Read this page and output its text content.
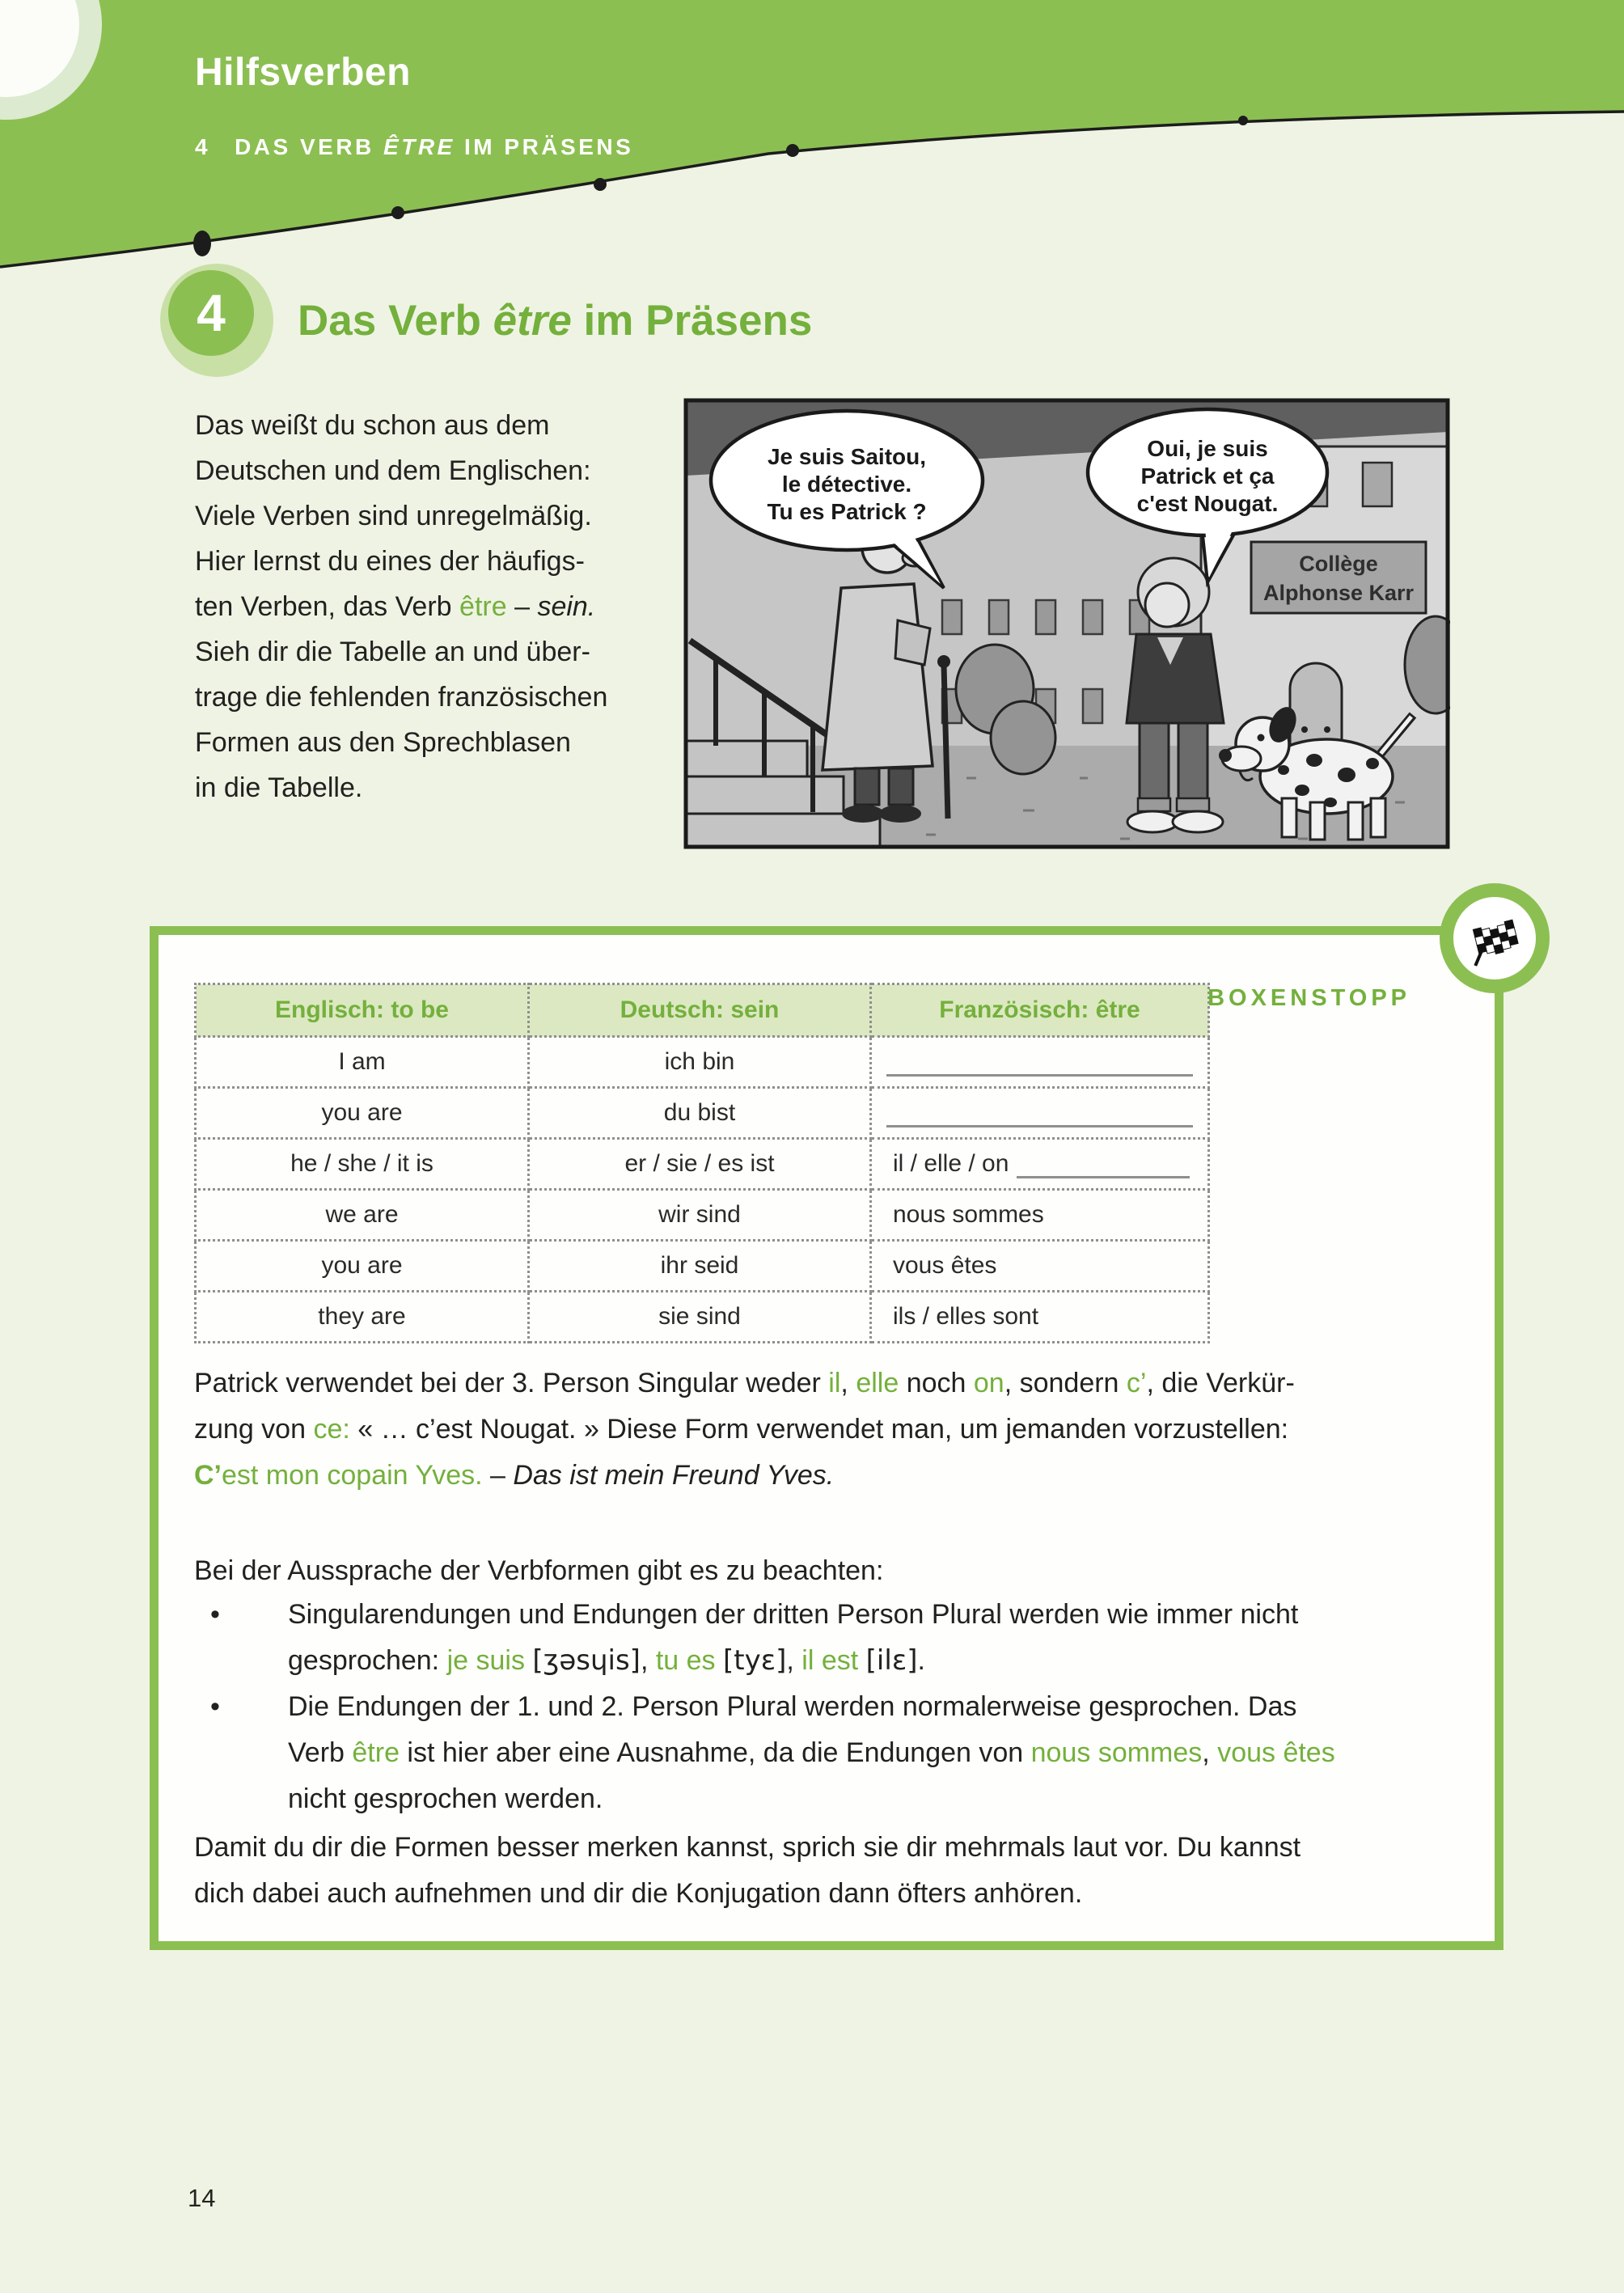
Hilfsverben
4 DAS VERB ÊTRE IM PRÄSENS
4	Das Verb être im Präsens
Das weißt du schon aus dem
Deutschen und dem Englischen:
Viele Verben sind unregelmäßig.
Hier lernst du eines der häufigs-
ten Verben, das Verb être – sein.
Sieh dir die Tabelle an und über-
trage die fehlenden französischen
Formen aus den Sprechblasen
in die Tabelle.
Collège
Alphonse Karr
Je suis Saitou,
le détective.
Tu es Patrick ?
Oui, je suis
Patrick et ça
c'est Nougat.
Englisch: to be	Deutsch: sein	Französisch: être
I am	ich bin	

you are	du bist	

he / she / it is	er / sie / es ist	il / elle / on

we are	wir sind	nous sommes

you are	ihr seid	vous êtes

they are	sie sind	ils / elles sont
BOXENSTOPP
Patrick verwendet bei der 3. Person Singular weder il, elle noch on, sondern c’, die Verkür-
zung von ce: « … c’est Nougat. » Diese Form verwendet man, um jemanden vorzustellen:
C’est mon copain Yves. – Das ist mein Freund Yves.
Bei der Aussprache der Verbformen gibt es zu beachten:
• Singularendungen und Endungen der dritten Person Plural werden wie immer nicht
gesprochen: je suis [ʒəsɥis], tu es [tyɛ], il est [ilɛ].
• Die Endungen der 1. und 2. Person Plural werden normalerweise gesprochen. Das
Verb être ist hier aber eine Ausnahme, da die Endungen von nous sommes, vous êtes
nicht gesprochen werden.
Damit du dir die Formen besser merken kannst, sprich sie dir mehrmals laut vor. Du kannst
dich dabei auch aufnehmen und dir die Konjugation dann öfters anhören.
14
